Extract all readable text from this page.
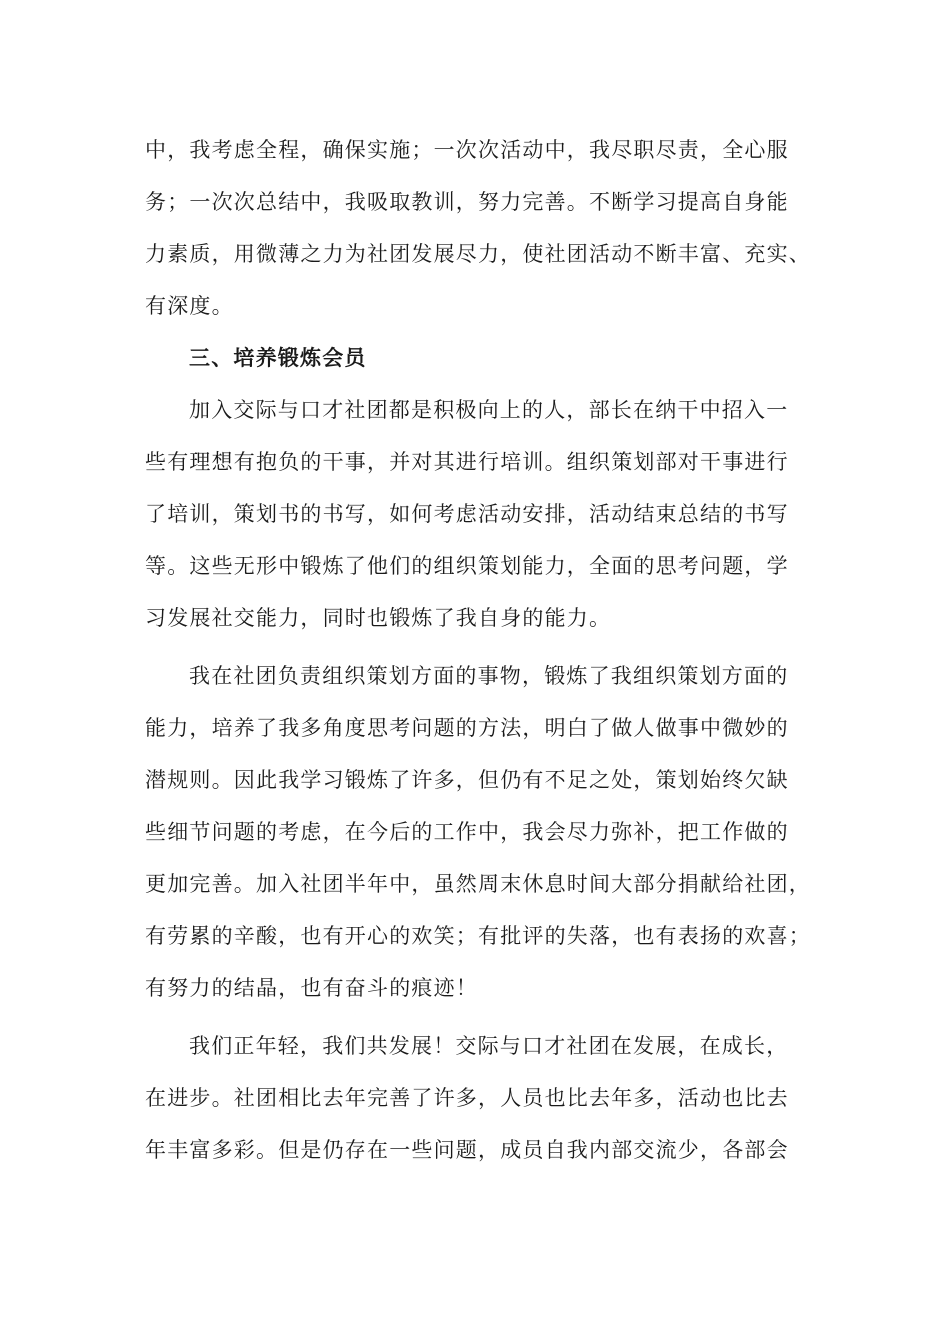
中，我考虑全程，确保实施；一次次活动中，我尽职尽责，全心服
务；一次次总结中，我吸取教训，努力完善。不断学习提高自身能
力素质，用微薄之力为社团发展尽力，使社团活动不断丰富、充实、
有深度。
三、培养锻炼会员
加入交际与口才社团都是积极向上的人，部长在纳干中招入一
些有理想有抱负的干事，并对其进行培训。组织策划部对干事进行
了培训，策划书的书写，如何考虑活动安排，活动结束总结的书写
等。这些无形中锻炼了他们的组织策划能力，全面的思考问题，学
习发展社交能力，同时也锻炼了我自身的能力。
我在社团负责组织策划方面的事物，锻炼了我组织策划方面的
能力，培养了我多角度思考问题的方法，明白了做人做事中微妙的
潜规则。因此我学习锻炼了许多，但仍有不足之处，策划始终欠缺
些细节问题的考虑，在今后的工作中，我会尽力弥补，把工作做的
更加完善。加入社团半年中，虽然周末休息时间大部分捐献给社团，
有劳累的辛酸，也有开心的欢笑；有批评的失落，也有表扬的欢喜；
有努力的结晶，也有奋斗的痕迹！
我们正年轻，我们共发展！交际与口才社团在发展，在成长，
在进步。社团相比去年完善了许多，人员也比去年多，活动也比去
年丰富多彩。但是仍存在一些问题，成员自我内部交流少，各部会
